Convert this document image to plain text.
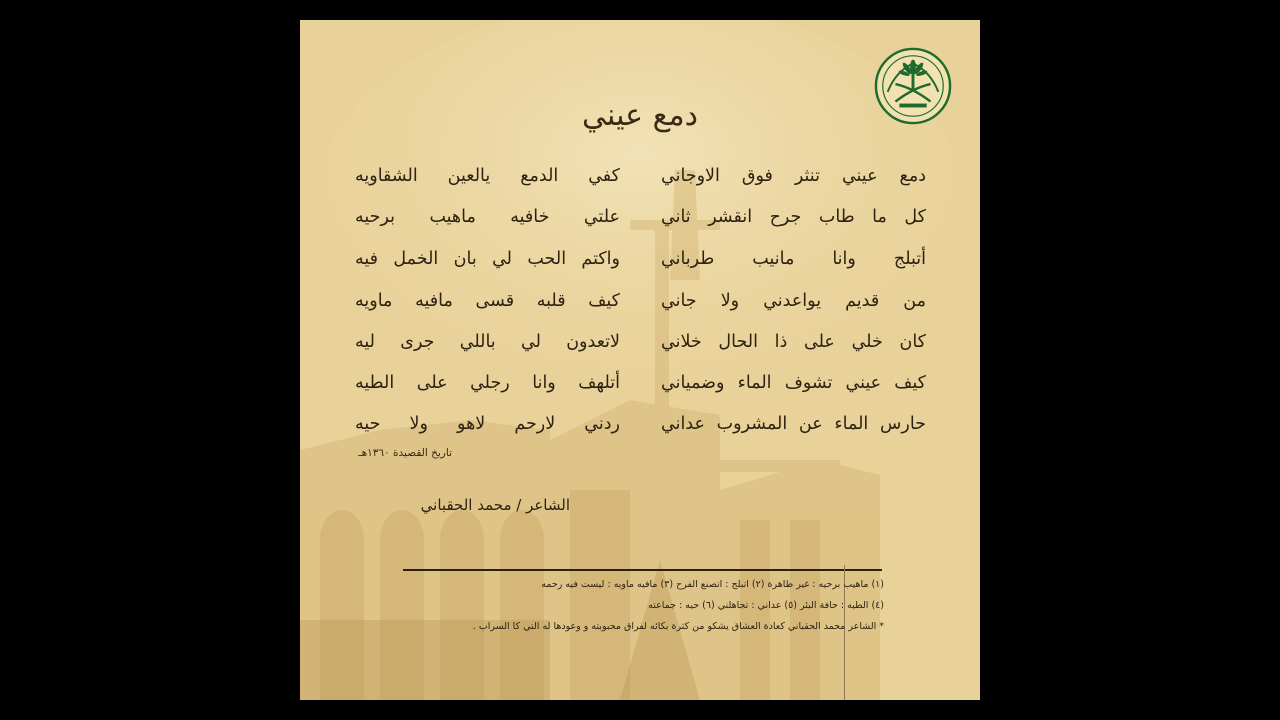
دمع عيني
دمع عيني تنثر فوق الاوجاني
كل ما طاب جرح انقشر ثاني
أتبلج وانا مانيب طرباني
من قديم يواعدني ولا جاني
كان خلي على ذا الحال خلاني
كيف عيني تشوف الماء وضمياني
حارس الماء عن المشروب عداني
كفي الدمع يالعين الشقاويه
علتي خافيه ماهيب برحيه
واكتم الحب لي بان الخمل فيه
كيف قلبه قسى مافيه ماويه
لاتعدون لي باللي جرى ليه
أتلهف وانا رجلي على الطيه
ردني لارحم لاهو ولا حيه
تاريخ القصيدة ١٣٦٠هـ
الشاعر / محمد الحقباني
(١) ماهيب برحيه : غير ظاهرة (٢) اتبلج : اتصنع الفرح (٣) مافيه ماويه : ليست فيه رحمه
(٤) الطيه : حافة البئر (٥) عداني : تجاهلني (٦) حيه : جماعته
* الشاعر محمد الحقباني كعادة العشاق يشكو من كثرة بكائه لفراق محبوبته و وعودها له التي كا السراب .
